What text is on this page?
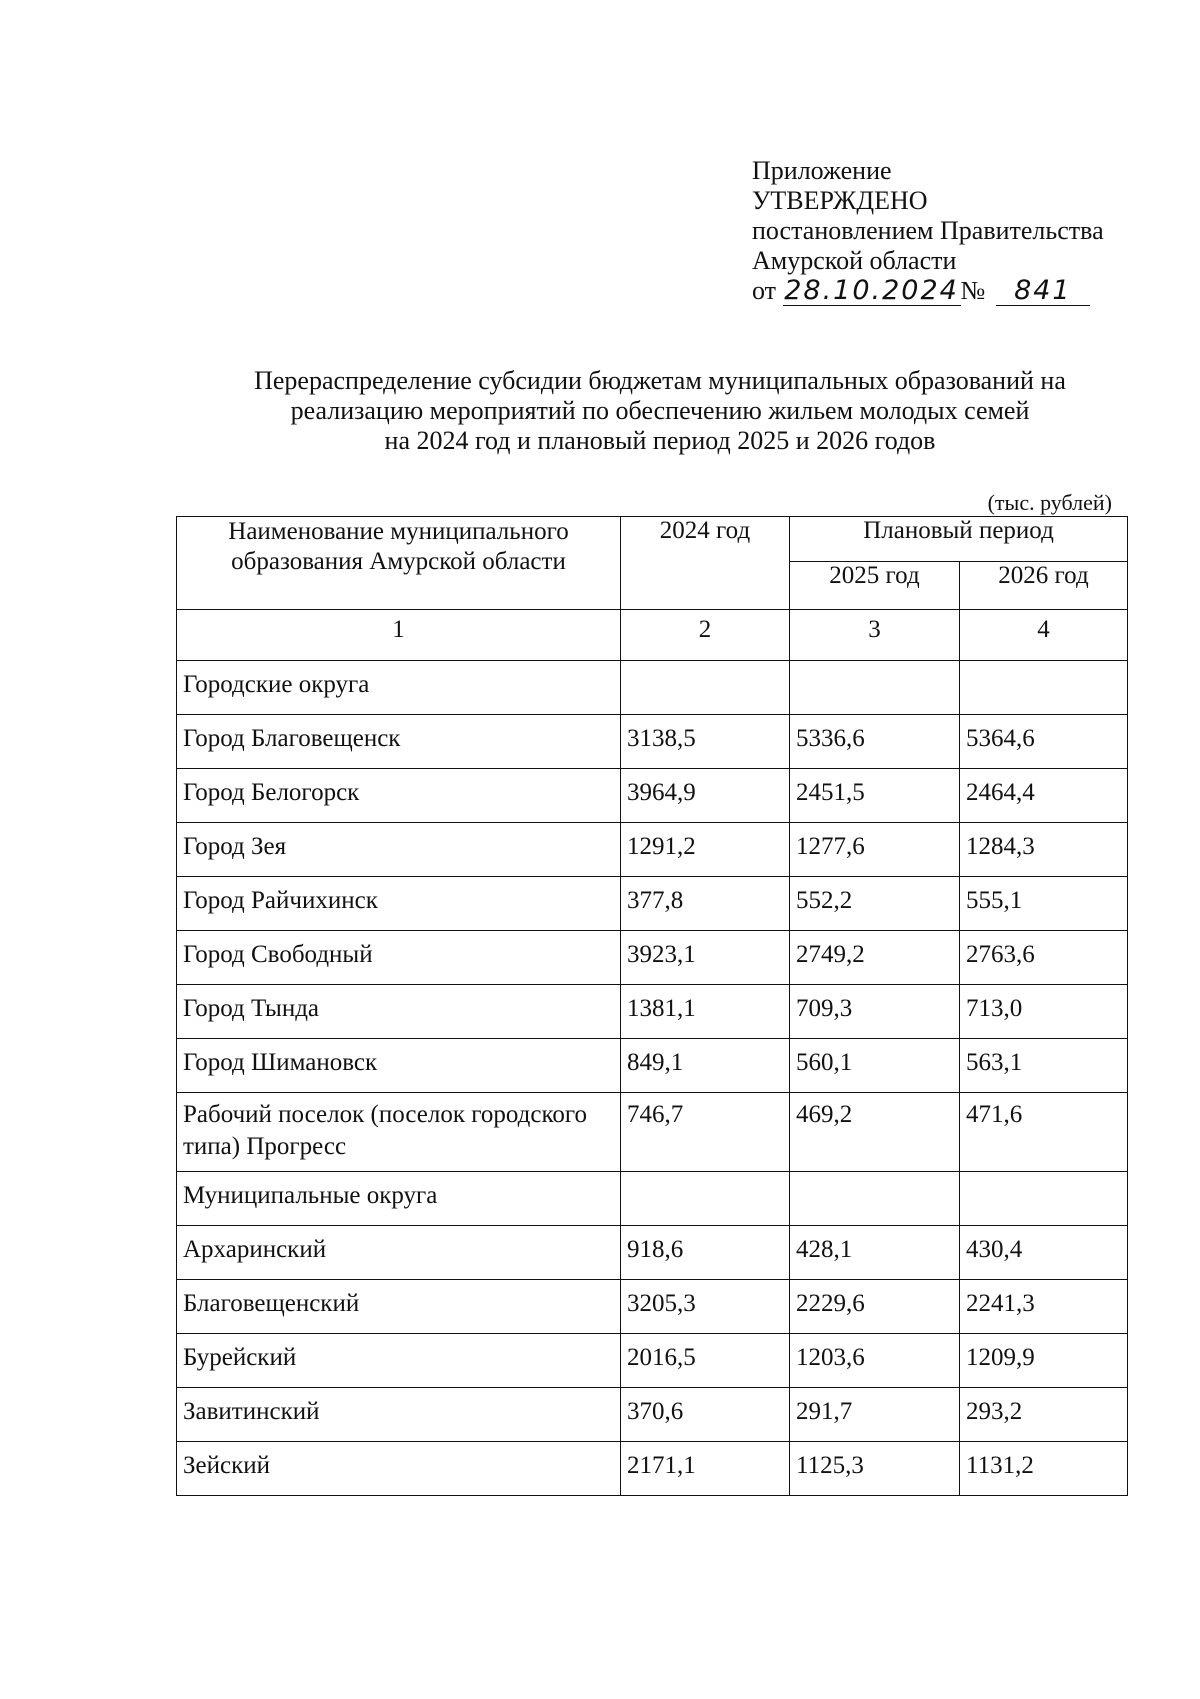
Приложение
УТВЕРЖДЕНО
постановлением Правительства
Амурской области
от 28.10.2024№ 841
Перераспределение субсидии бюджетам муниципальных образований на
реализацию мероприятий по обеспечению жильем молодых семей
на 2024 год и плановый период 2025 и 2026 годов
(тыс. рублей)
Наименование муниципального образования Амурской области	2024 год	Плановый период	
		2025 год	2026 год
1	2	3	4
Городские округа			
Город Благовещенск	3138,5	5336,6	5364,6
Город Белогорск	3964,9	2451,5	2464,4
Город Зея	1291,2	1277,6	1284,3
Город Райчихинск	377,8	552,2	555,1
Город Свободный	3923,1	2749,2	2763,6
Город Тында	1381,1	709,3	713,0
Город Шимановск	849,1	560,1	563,1
Рабочий поселок (поселок городского типа) Прогресс	746,7	469,2	471,6
Муниципальные округа			
Архаринский	918,6	428,1	430,4
Благовещенский	3205,3	2229,6	2241,3
Бурейский	2016,5	1203,6	1209,9
Завитинский	370,6	291,7	293,2
Зейский	2171,1	1125,3	1131,2
